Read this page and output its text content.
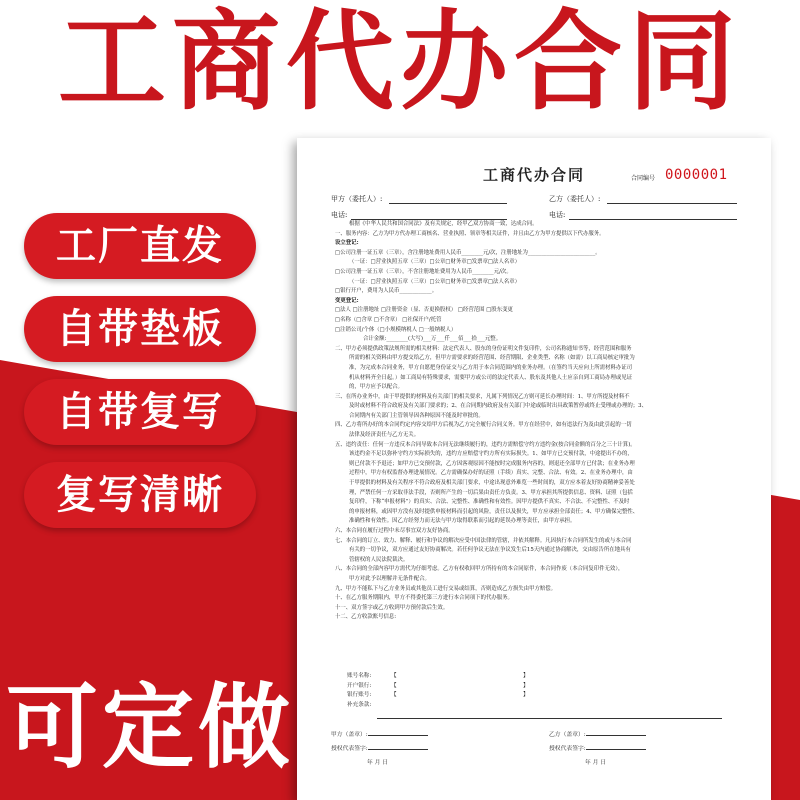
工商代办合同
工厂直发
自带垫板
自带复写
复写清晰
可定做
工商代办合同	合同编号 0000001
甲方（委托人）:	乙方（委托人）:
电话:	电话:

根据《中华人民共和国合同法》及有关规定，经甲乙双方协商一致，达成合同。

一、服务内容：乙方为甲方代办理工商核名、营业执照、领章等相关证件，并且由乙方为甲方提供以下代办服务。

设立登记:

□公司注册一证五章（三章），含注册地址费用人民币________元/次，注册地址为_________________________。

（一证：□营业执照五章（三章）□公章□财务章□发票章□法人名章）

□公司注册一证五章（三章），不含注册地址费用为人民币________元/次。

（一证：□营业执照五章（三章）□公章□财务章□发票章□法人名章）

□银行开户，费用为人民币____________。

变更登记:

□法人 □注册地址 □注册资金（显、否更换股权） □经营范围 □股东变更

□名称（□含章 □不含章） □社保开户/托管

□注销公司/个体（□小规模纳税人 □一般纳税人）

合计金额:________(大写)___万___仟___佰___拾___元整。

二、甲方必须提供政策法规所需的相关材料：法定代表人、股东的身份证明文件复印件，公司名称通知书等，经营范围和服务

所需的相关资料由甲方提交给乙方，但甲方需要求的经营范围、经营期限、企业类型、名称（如需）以工商局核定审批为

准，为完成本合同业务，甲方自愿把身份证交与乙方用于本合同范围内的业务办理。（在签约当天应向上所需材料办证司

机从材料齐全日起。）如工商局有特殊要求，需要甲方或公司的法定代表人、股东及其他人士应亲自到工商局办理或见证

的，甲方应予以配合。

三、在所办业务中，由于甲提供的材料及有关部门的相关要求，凡属下列情况乙方则可延长办理时间：1、甲方所提及材料不

及时或材料不符合政府及有关部门要求的；2、在合同期内政府及有关部门中途或临时出具政策暂停或终止受理或办理的；3、

合同期内有关部门主管领导因各种原因不能及时审批的。

四、乙方将所办好的本合同约定内容交给甲方后视为乙方完全履行合同义务。甲方在经营中，如有违法行为及由此引起的一切

法律及经济责任与乙方无关。

五、违约责任：任何一方违反本合同导致本合同无法继续履行的，违约方需赔偿守约方违约金(按合同金额的百分之三十计算)。

该违约金不足以弥补守约方实际损失的，违约方应赔偿守约方所有实际损失。1、如甲方已交预付款，中途提出不办的，

则已付款不予退还；如甲方已交预付款，乙方因客观原因不能按时完成服务内容的，则退还全部甲方已付款；在业务办理

过程中，甲方有权监督办理进展情况。乙方需确保办好的证照（手续）真实、完整、合法、有效。2、在业务办理中，由

于甲提供的材料及有关程序不符合政府及相关部门要求，中途出现意外难览一些时间的，双方应本着友好协商精神妥善处

理，严禁任何一方采取非法手段，否则所产生的一切后果由责任方负责。3、甲方承担其所提供信息、资料、证照（包括

复印件，下称“申报材料”）的真实、合法、完整性、准确性和有效性。因甲方提供不真实、不合法、不完整性、不及时

的申报材料，或因甲方没有及时提供申报材料而引起的风险，责任以及损失，甲方应承担全部责任；4、甲方确保完整性、

准确性和有效性。因乙方经努力而无法与甲方取得联系而引起的延误办理等责任，由甲方承担。

六、本合同在履行过程中未尽事宜双方友好协商。

七、本合同的订立、效力、解释、履行和争议的解决应受中国法律的管辖，并依其解释。凡因执行本合同所发生的或与本合同

有关的一切争议，双方应通过友好协商解决。若任何争议无法在争议发生后15天内通过协商解决，交由原告所在地具有

管辖权的人民法院裁决。

八、本合同的全部内容甲方需代为仔细考虑。乙方有权收回甲方所持有的本合同原件，本合同作废（本合同复印件无效），

甲方对此予以理解并无条件配合。

九、甲方不能私下与乙方业务员或其他员工进行交易或结算，否则造成乙方损失由甲方赔偿。

十、在乙方服务期限内，甲方不得委托第三方进行本合同项下的代办服务。

十一、双方签字或乙方收到甲方预付款后生效。

十二、乙方收款账号信息:

账号名称:	【	】
开户银行:	【	】
银行账号:	【	】
补充条款:
甲方（盖章）:
授权代表签字:
年 月 日
乙方（盖章）:
授权代表签字:
年 月 日
